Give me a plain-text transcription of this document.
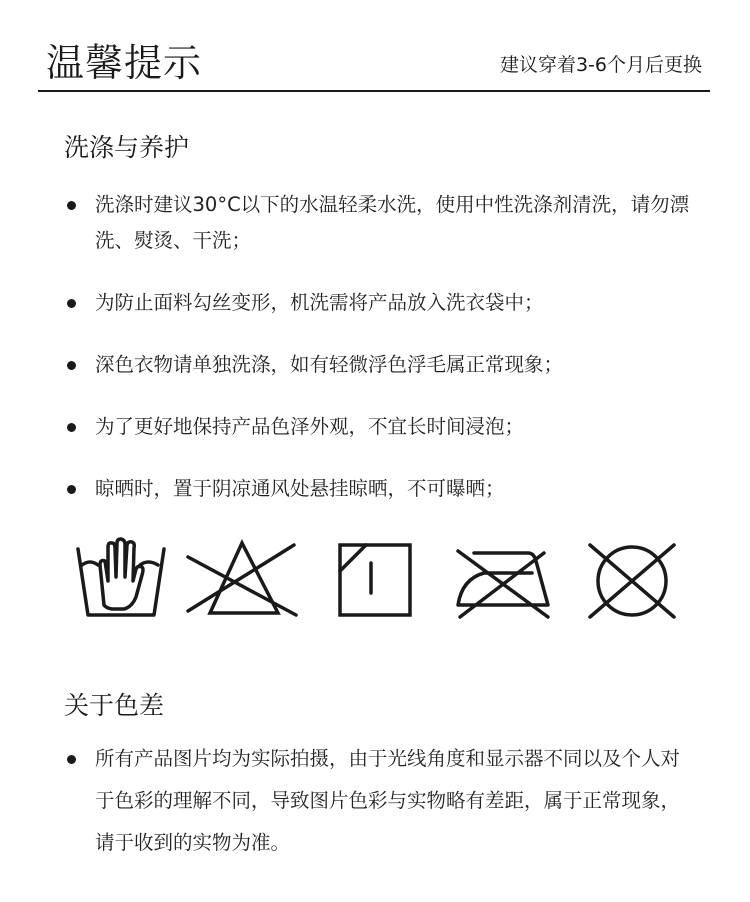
温馨提示	建议穿着3-6个月后更换
洗涤与养护
洗涤时建议30°C以下的水温轻柔水洗，使用中性洗涤剂清洗，请勿漂洗、熨烫、干洗；
为防止面料勾丝变形，机洗需将产品放入洗衣袋中；
深色衣物请单独洗涤，如有轻微浮色浮毛属正常现象；
为了更好地保持产品色泽外观，不宜长时间浸泡；
晾晒时，置于阴凉通风处悬挂晾晒，不可曝晒；
关于色差
所有产品图片均为实际拍摄，由于光线角度和显示器不同以及个人对于色彩的理解不同，导致图片色彩与实物略有差距，属于正常现象，请于收到的实物为准。
